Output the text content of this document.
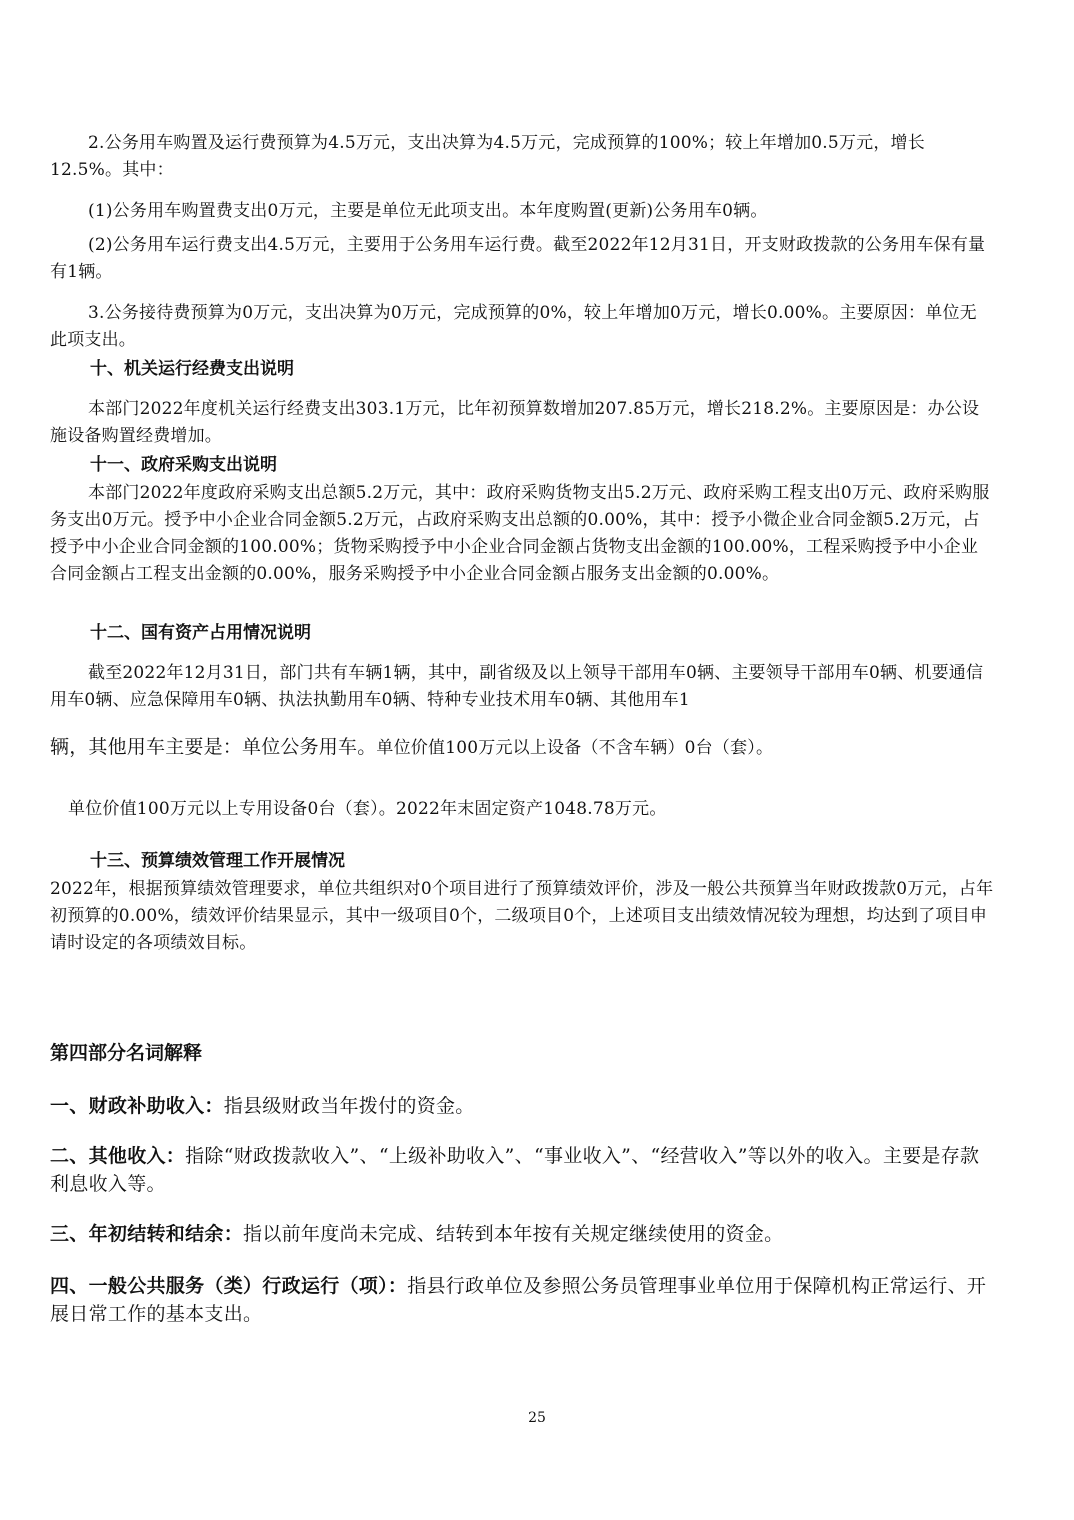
2.公务用车购置及运行费预算为4.5万元，支出决算为4.5万元，完成预算的100%；较上年增加0.5万元，增长12.5%。其中：

(1)公务用车购置费支出0万元，主要是单位无此项支出。本年度购置(更新)公务用车0辆。

(2)公务用车运行费支出4.5万元，主要用于公务用车运行费。截至2022年12月31日，开支财政拨款的公务用车保有量有1辆。

3.公务接待费预算为0万元，支出决算为0万元，完成预算的0%，较上年增加0万元，增长0.00%。主要原因：单位无此项支出。

十、机关运行经费支出说明

本部门2022年度机关运行经费支出303.1万元，比年初预算数增加207.85万元，增长218.2%。主要原因是：办公设施设备购置经费增加。

十一、政府采购支出说明

本部门2022年度政府采购支出总额5.2万元，其中：政府采购货物支出5.2万元、政府采购工程支出0万元、政府采购服务支出0万元。授予中小企业合同金额5.2万元，占政府采购支出总额的0.00%，其中：授予小微企业合同金额5.2万元，占授予中小企业合同金额的100.00%；货物采购授予中小企业合同金额占货物支出金额的100.00%，工程采购授予中小企业合同金额占工程支出金额的0.00%，服务采购授予中小企业合同金额占服务支出金额的0.00%。

十二、国有资产占用情况说明

截至2022年12月31日，部门共有车辆1辆，其中，副省级及以上领导干部用车0辆、主要领导干部用车0辆、机要通信用车0辆、应急保障用车0辆、执法执勤用车0辆、特种专业技术用车0辆、其他用车1

辆，其他用车主要是：单位公务用车。单位价值100万元以上设备（不含车辆）0台（套）。

单位价值100万元以上专用设备0台（套）。2022年末固定资产1048.78万元。

十三、预算绩效管理工作开展情况

2022年，根据预算绩效管理要求，单位共组织对0个项目进行了预算绩效评价，涉及一般公共预算当年财政拨款0万元，占年初预算的0.00%，绩效评价结果显示，其中一级项目0个，二级项目0个，上述项目支出绩效情况较为理想，均达到了项目申请时设定的各项绩效目标。

第四部分名词解释

一、财政补助收入：指县级财政当年拨付的资金。

二、其他收入：指除“财政拨款收入”、“上级补助收入”、“事业收入”、“经营收入”等以外的收入。主要是存款利息收入等。

三、年初结转和结余：指以前年度尚未完成、结转到本年按有关规定继续使用的资金。

四、一般公共服务（类）行政运行（项）：指县行政单位及参照公务员管理事业单位用于保障机构正常运行、开展日常工作的基本支出。

25
